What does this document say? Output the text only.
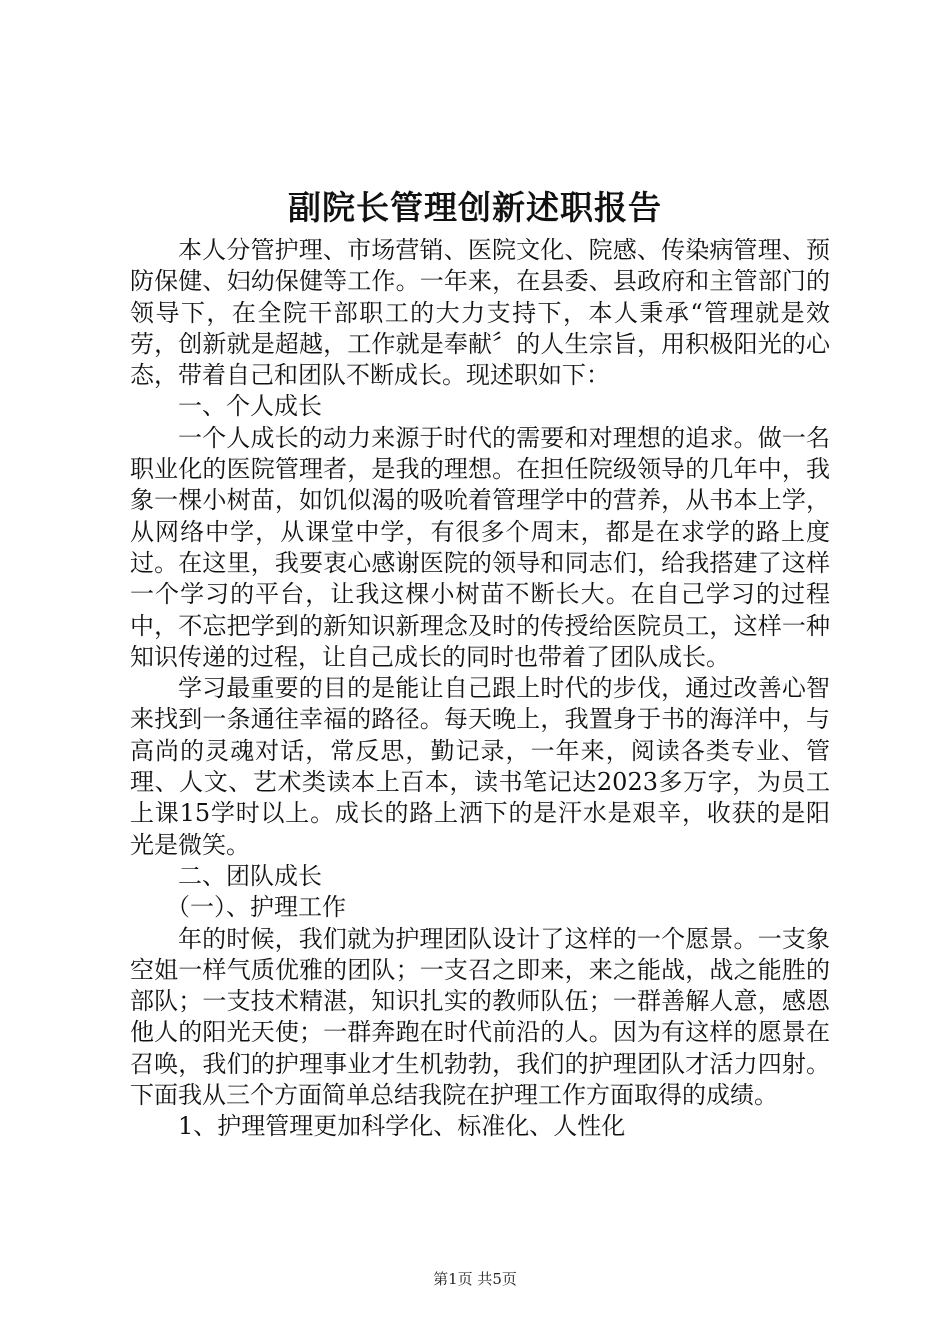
副院长管理创新述职报告

本人分管护理、市场营销、医院文化、院感、传染病管理、预防保健、妇幼保健等工作。一年来，在县委、县政府和主管部门的领导下，在全院干部职工的大力支持下，本人秉承“管理就是效劳，创新就是超越，工作就是奉献〞的人生宗旨，用积极阳光的心态，带着自己和团队不断成长。现述职如下：

一、个人成长

一个人成长的动力来源于时代的需要和对理想的追求。做一名职业化的医院管理者，是我的理想。在担任院级领导的几年中，我象一棵小树苗，如饥似渴的吸吮着管理学中的营养，从书本上学，从网络中学，从课堂中学，有很多个周末，都是在求学的路上度过。在这里，我要衷心感谢医院的领导和同志们，给我搭建了这样一个学习的平台，让我这棵小树苗不断长大。在自己学习的过程中，不忘把学到的新知识新理念及时的传授给医院员工，这样一种知识传递的过程，让自己成长的同时也带着了团队成长。

学习最重要的目的是能让自己跟上时代的步伐，通过改善心智来找到一条通往幸福的路径。每天晚上，我置身于书的海洋中，与高尚的灵魂对话，常反思，勤记录，一年来，阅读各类专业、管理、人文、艺术类读本上百本，读书笔记达2023多万字，为员工上课15学时以上。成长的路上洒下的是汗水是艰辛，收获的是阳光是微笑。

二、团队成长

（一）、护理工作

年的时候，我们就为护理团队设计了这样的一个愿景。一支象空姐一样气质优雅的团队；一支召之即来，来之能战，战之能胜的部队；一支技术精湛，知识扎实的教师队伍；一群善解人意，感恩他人的阳光天使；一群奔跑在时代前沿的人。因为有这样的愿景在召唤，我们的护理事业才生机勃勃，我们的护理团队才活力四射。下面我从三个方面简单总结我院在护理工作方面取得的成绩。

1、护理管理更加科学化、标准化、人性化

第1页 共5页
